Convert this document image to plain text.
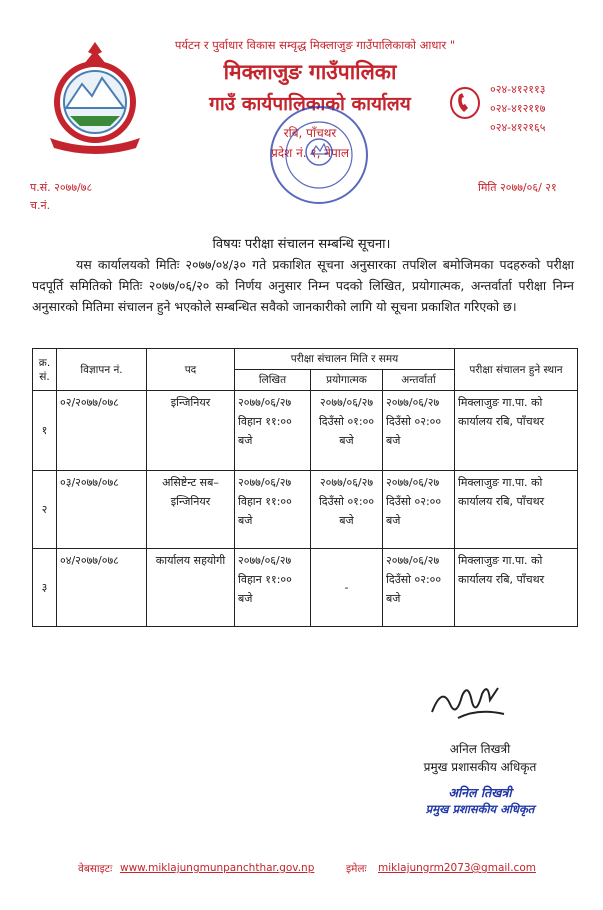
पर्यटन र पुर्वाधार विकास सम्वृद्ध मिक्लाजुङ गाउँपालिकाको आधार "
मिक्लाजुङ गाउँपालिका
गाउँ कार्यपालिकाको कार्यालय
रबि, पाँचथर
प्रदेश नं. १, नेपाल
०२४-४१२११३
०२४-४१२११७
०२४-४१२१६५
प.सं. २०७७/७८
च.नं.
मिति २०७७/०६/ २१
विषयः परीक्षा संचालन सम्बन्धि सूचना।
यस कार्यालयको मितिः २०७७/०४/३० गते प्रकाशित सूचना अनुसारका तपशिल बमोजिमका पदहरुको परीक्षा पदपूर्ति समितिको मितिः २०७७/०६/२० को निर्णय अनुसार निम्न पदको लिखित, प्रयोगात्मक, अन्तर्वार्ता परीक्षा निम्न अनुसारको मितिमा संचालन हुने भएकोले सम्बन्धित सवैको जानकारीको लागि यो सूचना प्रकाशित गरिएको छ।
क्र. सं.	विज्ञापन नं.	पद	परीक्षा संचालन मिति र समय			परीक्षा संचालन हुने स्थान
			लिखित	प्रयोगात्मक	अन्तर्वार्ता	
१	०२/२०७७/०७८	इन्जिनियर	२०७७/०६/२७ विहान ११:०० बजे	२०७७/०६/२७ दिउँसो ०१:०० बजे	२०७७/०६/२७ दिउँसो ०२:०० बजे	मिक्लाजुङ गा.पा. को कार्यालय रबि, पाँचथर
२	०३/२०७७/०७८	असिष्टेन्ट सब– इन्जिनियर	२०७७/०६/२७ विहान ११:०० बजे	२०७७/०६/२७ दिउँसो ०१:०० बजे	२०७७/०६/२७ दिउँसो ०२:०० बजे	मिक्लाजुङ गा.पा. को कार्यालय रबि, पाँचथर
३	०४/२०७७/०७८	कार्यालय सहयोगी	२०७७/०६/२७ विहान ११:०० बजे	-	२०७७/०६/२७ दिउँसो ०२:०० बजे	मिक्लाजुङ गा.पा. को कार्यालय रबि, पाँचथर
अनिल तिखत्री
प्रमुख प्रशासकीय अधिकृत
अनिल तिखत्री
प्रमुख प्रशासकीय अधिकृत
वेबसाइटः www.miklajungmunpanchthar.gov.np	इमेलः miklajungrm2073@gmail.com
